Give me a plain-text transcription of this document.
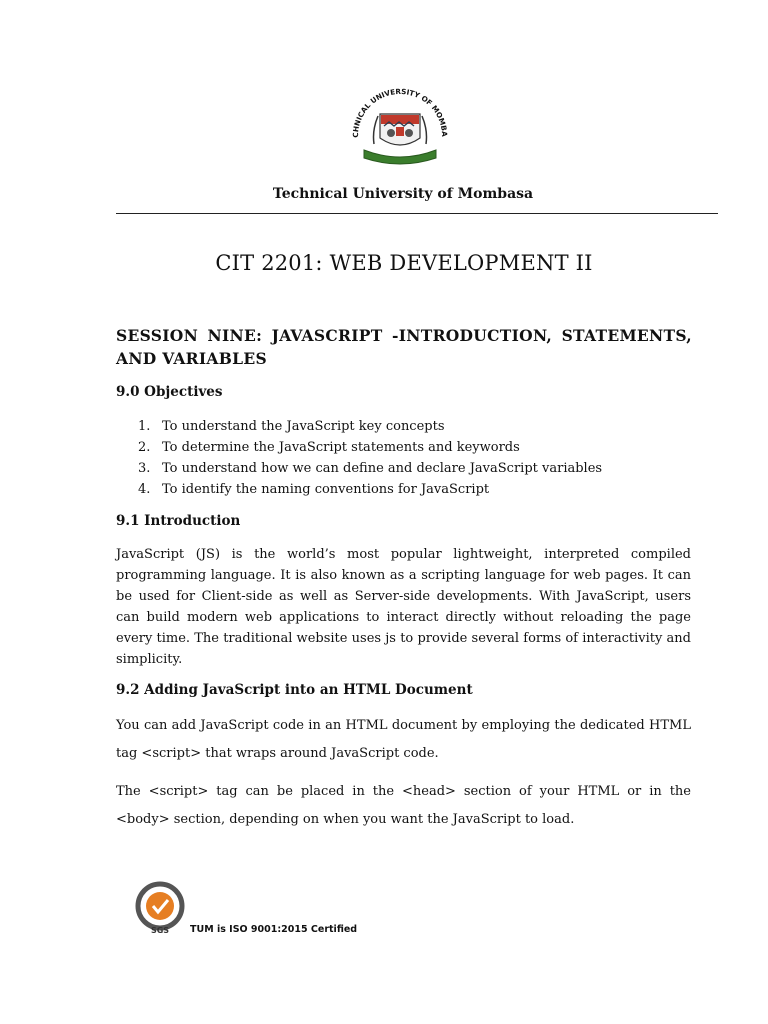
CHNICAL UNIVERSITY OF MOMBA
Technical University of Mombasa
CIT 2201: WEB DEVELOPMENT II
SESSION NINE: JAVASCRIPT -INTRODUCTION, STATEMENTS, AND VARIABLES
9.0 Objectives
1. To understand the JavaScript key concepts
2. To determine the JavaScript statements and keywords
3. To understand how we can define and declare JavaScript variables
4. To identify the naming conventions for JavaScript
9.1 Introduction
JavaScript (JS) is the world’s most popular lightweight, interpreted compiled programming language. It is also known as a scripting language for web pages. It can be used for Client-side as well as Server-side developments. With JavaScript, users can build modern web applications to interact directly without reloading the page every time. The traditional website uses js to provide several forms of interactivity and simplicity.
9.2 Adding JavaScript into an HTML Document
You can add JavaScript code in an HTML document by employing the dedicated HTML tag <script> that wraps around JavaScript code.
The <script> tag can be placed in the <head> section of your HTML or in the <body> section, depending on when you want the JavaScript to load.
SGS TUM is ISO 9001:2015 Certified
